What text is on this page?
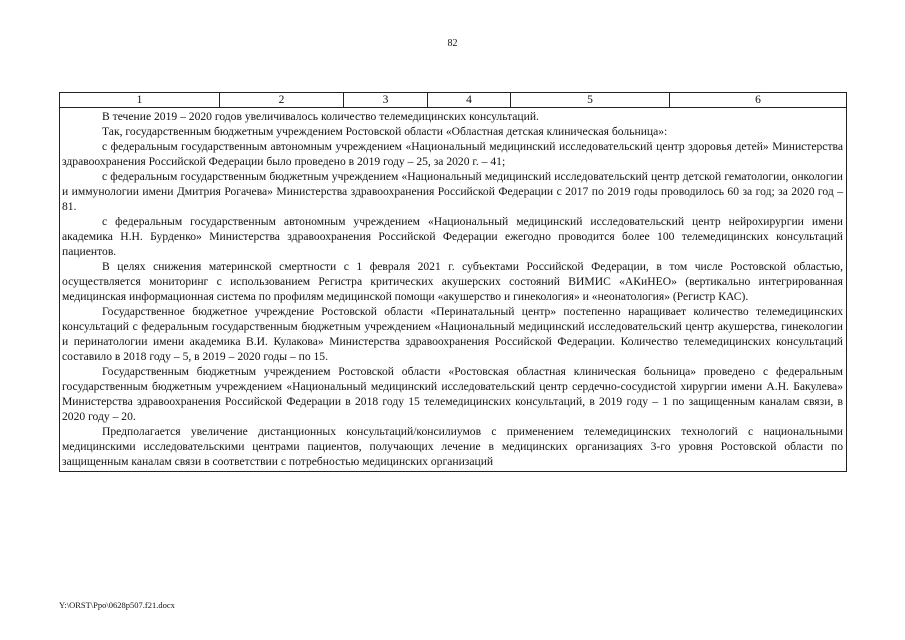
82
1	2	3	4	5	6

В течение 2019 – 2020 годов увеличивалось количество телемедицинских консультаций.

Так, государственным бюджетным учреждением Ростовской области «Областная детская клиническая больница»:

с федеральным государственным автономным учреждением «Национальный медицинский исследовательский центр здоровья детей» Министерства здравоохранения Российской Федерации было проведено в 2019 году – 25, за 2020 г. – 41;

с федеральным государственным бюджетным учреждением «Национальный медицинский исследовательский центр детской гематологии, онкологии и иммунологии имени Дмитрия Рогачева» Министерства здравоохранения Российской Федерации с 2017 по 2019 годы проводилось 60 за год; за 2020 год – 81.

с федеральным государственным автономным учреждением «Национальный медицинский исследовательский центр нейрохирургии имени академика Н.Н. Бурденко» Министерства здравоохранения Российской Федерации ежегодно проводится более 100 телемедицинских консультаций пациентов.

В целях снижения материнской смертности с 1 февраля 2021 г. субъектами Российской Федерации, в том числе Ростовской областью, осуществляется мониторинг с использованием Регистра критических акушерских состояний ВИМИС «АКиНЕО» (вертикально интегрированная медицинская информационная система по профилям медицинской помощи «акушерство и гинекология» и «неонатология» (Регистр КАС).

Государственное бюджетное учреждение Ростовской области «Перинатальный центр» постепенно наращивает количество телемедицинских консультаций с федеральным государственным бюджетным учреждением «Национальный медицинский исследовательский центр акушерства, гинекологии и перинатологии имени академика В.И. Кулакова» Министерства здравоохранения Российской Федерации. Количество телемедицинских консультаций составило в 2018 году – 5, в 2019 – 2020 годы – по 15.

Государственным бюджетным учреждением Ростовской области «Ростовская областная клиническая больница» проведено с федеральным государственным бюджетным учреждением «Национальный медицинский исследовательский центр сердечно-сосудистой хирургии имени А.Н. Бакулева» Министерства здравоохранения Российской Федерации в 2018 году 15 телемедицинских консультаций, в 2019 году – 1 по защищенным каналам связи, в 2020 году – 20.

Предполагается увеличение дистанционных консультаций/консилиумов с применением телемедицинских технологий с национальными медицинскими исследовательскими центрами пациентов, получающих лечение в медицинских организациях 3-го уровня Ростовской области по защищенным каналам связи в соответствии с потребностью медицинских организаций

Y:\ORST\Ppo\0628p507.f21.docx
